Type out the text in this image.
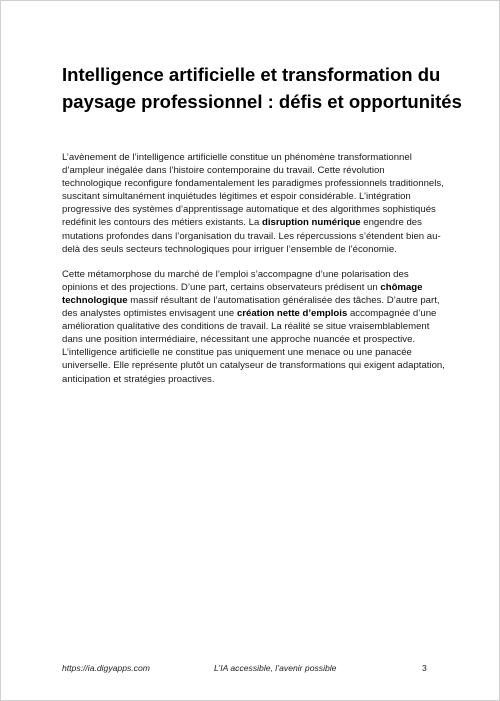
Intelligence artificielle et transformation du paysage professionnel : défis et opportunités

L’avènement de l’intelligence artificielle constitue un phénomène transformationnel d’ampleur inégalée dans l’histoire contemporaine du travail. Cette révolution technologique reconfigure fondamentalement les paradigmes professionnels traditionnels, suscitant simultanément inquiétudes légitimes et espoir considérable. L’intégration progressive des systèmes d’apprentissage automatique et des algorithmes sophistiqués redéfinit les contours des métiers existants. La disruption numérique engendre des mutations profondes dans l’organisation du travail. Les répercussions s’étendent bien au-delà des seuls secteurs technologiques pour irriguer l’ensemble de l’économie.

Cette métamorphose du marché de l’emploi s’accompagne d’une polarisation des opinions et des projections. D’une part, certains observateurs prédisent un chômage technologique massif résultant de l’automatisation généralisée des tâches. D’autre part, des analystes optimistes envisagent une création nette d’emplois accompagnée d’une amélioration qualitative des conditions de travail. La réalité se situe vraisemblablement dans une position intermédiaire, nécessitant une approche nuancée et prospective. L’intelligence artificielle ne constitue pas uniquement une menace ou une panacée universelle. Elle représente plutôt un catalyseur de transformations qui exigent adaptation, anticipation et stratégies proactives.

https://ia.digyapps.com	L’IA accessible, l’avenir possible	3
